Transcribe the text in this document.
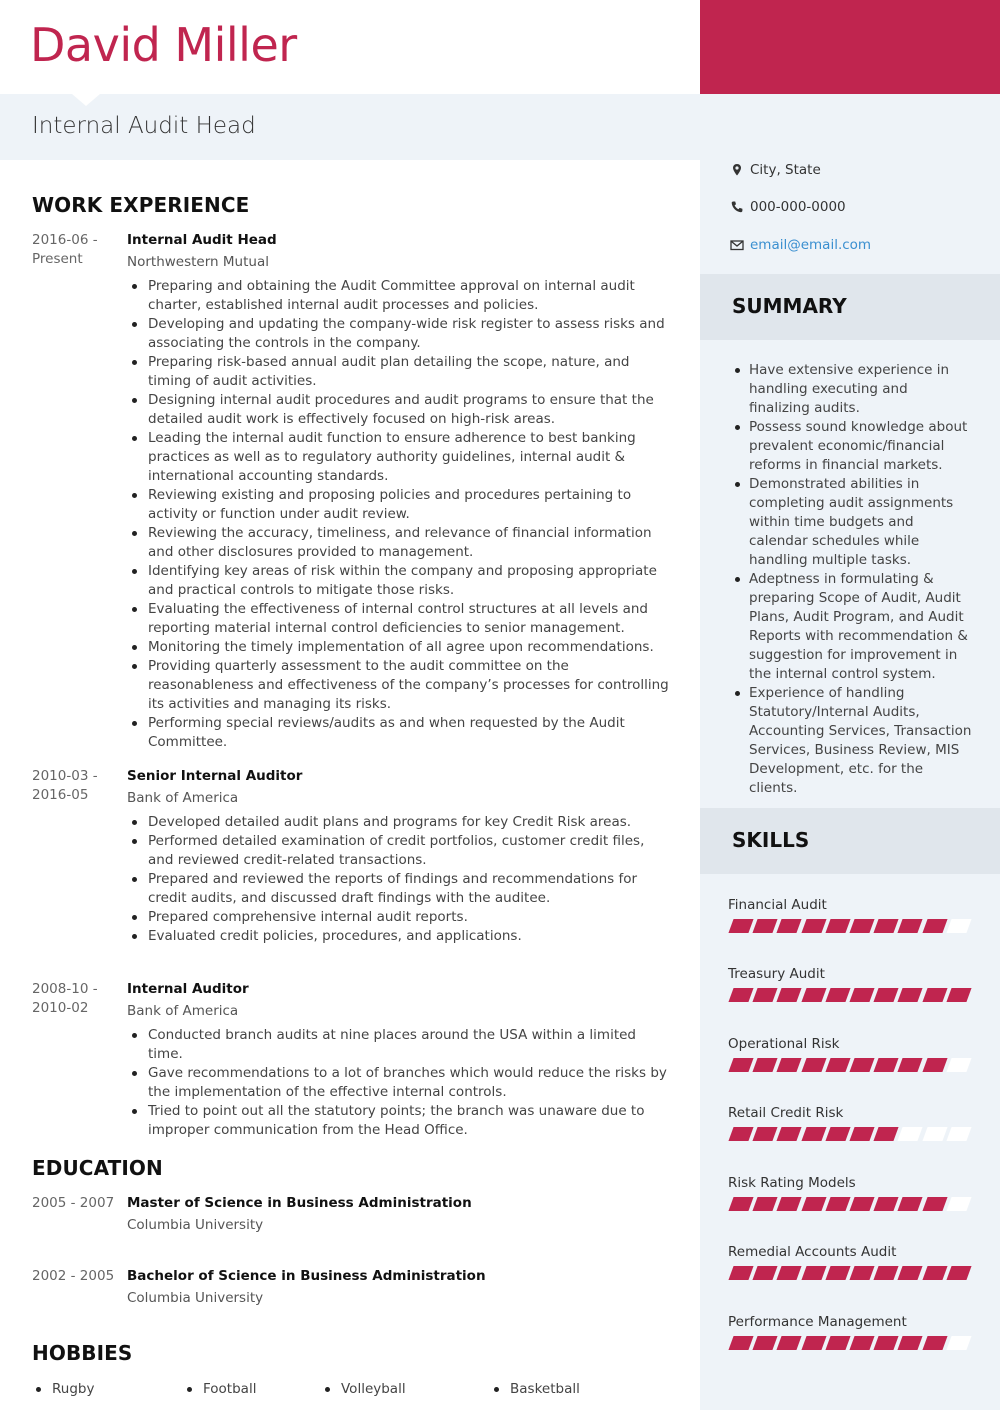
David Miller
Internal Audit Head
WORK EXPERIENCE
2016-06 -
Present
Internal Audit Head
Northwestern Mutual
Preparing and obtaining the Audit Committee approval on internal audit charter, established internal audit processes and policies.
Developing and updating the company-wide risk register to assess risks and associating the controls in the company.
Preparing risk-based annual audit plan detailing the scope, nature, and timing of audit activities.
Designing internal audit procedures and audit programs to ensure that the detailed audit work is effectively focused on high-risk areas.
Leading the internal audit function to ensure adherence to best banking practices as well as to regulatory authority guidelines, internal audit & international accounting standards.
Reviewing existing and proposing policies and procedures pertaining to activity or function under audit review.
Reviewing the accuracy, timeliness, and relevance of financial information and other disclosures provided to management.
Identifying key areas of risk within the company and proposing appropriate and practical controls to mitigate those risks.
Evaluating the effectiveness of internal control structures at all levels and reporting material internal control deficiencies to senior management.
Monitoring the timely implementation of all agree upon recommendations.
Providing quarterly assessment to the audit committee on the reasonableness and effectiveness of the company’s processes for controlling its activities and managing its risks.
Performing special reviews/audits as and when requested by the Audit Committee.
2010-03 -
2016-05
Senior Internal Auditor
Bank of America
Developed detailed audit plans and programs for key Credit Risk areas.
Performed detailed examination of credit portfolios, customer credit files, and reviewed credit-related transactions.
Prepared and reviewed the reports of findings and recommendations for credit audits, and discussed draft findings with the auditee.
Prepared comprehensive internal audit reports.
Evaluated credit policies, procedures, and applications.
2008-10 -
2010-02
Internal Auditor
Bank of America
Conducted branch audits at nine places around the USA within a limited time.
Gave recommendations to a lot of branches which would reduce the risks by the implementation of the effective internal controls.
Tried to point out all the statutory points; the branch was unaware due to improper communication from the Head Office.
EDUCATION
2005 - 2007 Master of Science in Business Administration
Columbia University
2002 - 2005 Bachelor of Science in Business Administration
Columbia University
HOBBIES
Rugby	Football	Volleyball	Basketball
City, State
000-000-0000
email@email.com
SUMMARY
Have extensive experience in handling executing and finalizing audits.
Possess sound knowledge about prevalent economic/financial reforms in financial markets.
Demonstrated abilities in completing audit assignments within time budgets and calendar schedules while handling multiple tasks.
Adeptness in formulating & preparing Scope of Audit, Audit Plans, Audit Program, and Audit Reports with recommendation & suggestion for improvement in the internal control system.
Experience of handling Statutory/Internal Audits, Accounting Services, Transaction Services, Business Review, MIS Development, etc. for the clients.
SKILLS
Financial Audit
Treasury Audit
Operational Risk
Retail Credit Risk
Risk Rating Models
Remedial Accounts Audit
Performance Management
